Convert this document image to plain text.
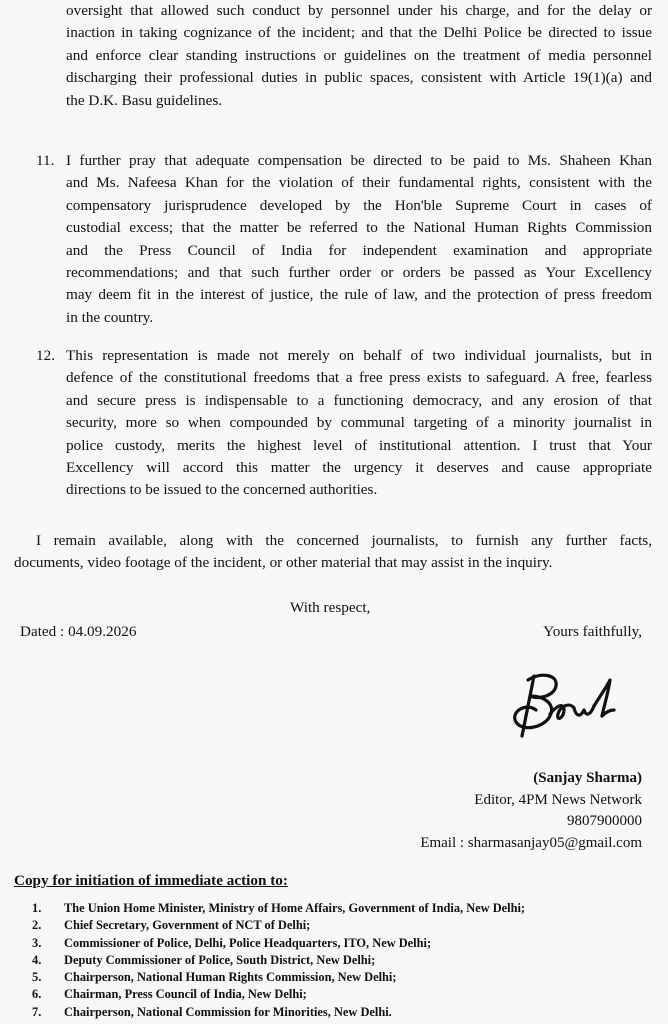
oversight that allowed such conduct by personnel under his charge, and for the delay or
inaction in taking cognizance of the incident; and that the Delhi Police be directed to issue
and enforce clear standing instructions or guidelines on the treatment of media personnel
discharging their professional duties in public spaces, consistent with Article 19(1)(a) and
the D.K. Basu guidelines.
11. I further pray that adequate compensation be directed to be paid to Ms. Shaheen Khan
and Ms. Nafeesa Khan for the violation of their fundamental rights, consistent with the
compensatory jurisprudence developed by the Hon'ble Supreme Court in cases of
custodial excess; that the matter be referred to the National Human Rights Commission
and the Press Council of India for independent examination and appropriate
recommendations; and that such further order or orders be passed as Your Excellency
may deem fit in the interest of justice, the rule of law, and the protection of press freedom
in the country.
12. This representation is made not merely on behalf of two individual journalists, but in
defence of the constitutional freedoms that a free press exists to safeguard. A free, fearless
and secure press is indispensable to a functioning democracy, and any erosion of that
security, more so when compounded by communal targeting of a minority journalist in
police custody, merits the highest level of institutional attention. I trust that Your
Excellency will accord this matter the urgency it deserves and cause appropriate
directions to be issued to the concerned authorities.
I remain available, along with the concerned journalists, to furnish any further facts,
documents, video footage of the incident, or other material that may assist in the inquiry.
With respect,
Dated : 04.09.2026	Yours faithfully,
(Sanjay Sharma)
Editor, 4PM News Network
9807900000
Email : sharmasanjay05@gmail.com
Copy for initiation of immediate action to:
1. The Union Home Minister, Ministry of Home Affairs, Government of India, New Delhi;
2. Chief Secretary, Government of NCT of Delhi;
3. Commissioner of Police, Delhi, Police Headquarters, ITO, New Delhi;
4. Deputy Commissioner of Police, South District, New Delhi;
5. Chairperson, National Human Rights Commission, New Delhi;
6. Chairman, Press Council of India, New Delhi;
7. Chairperson, National Commission for Minorities, New Delhi.
